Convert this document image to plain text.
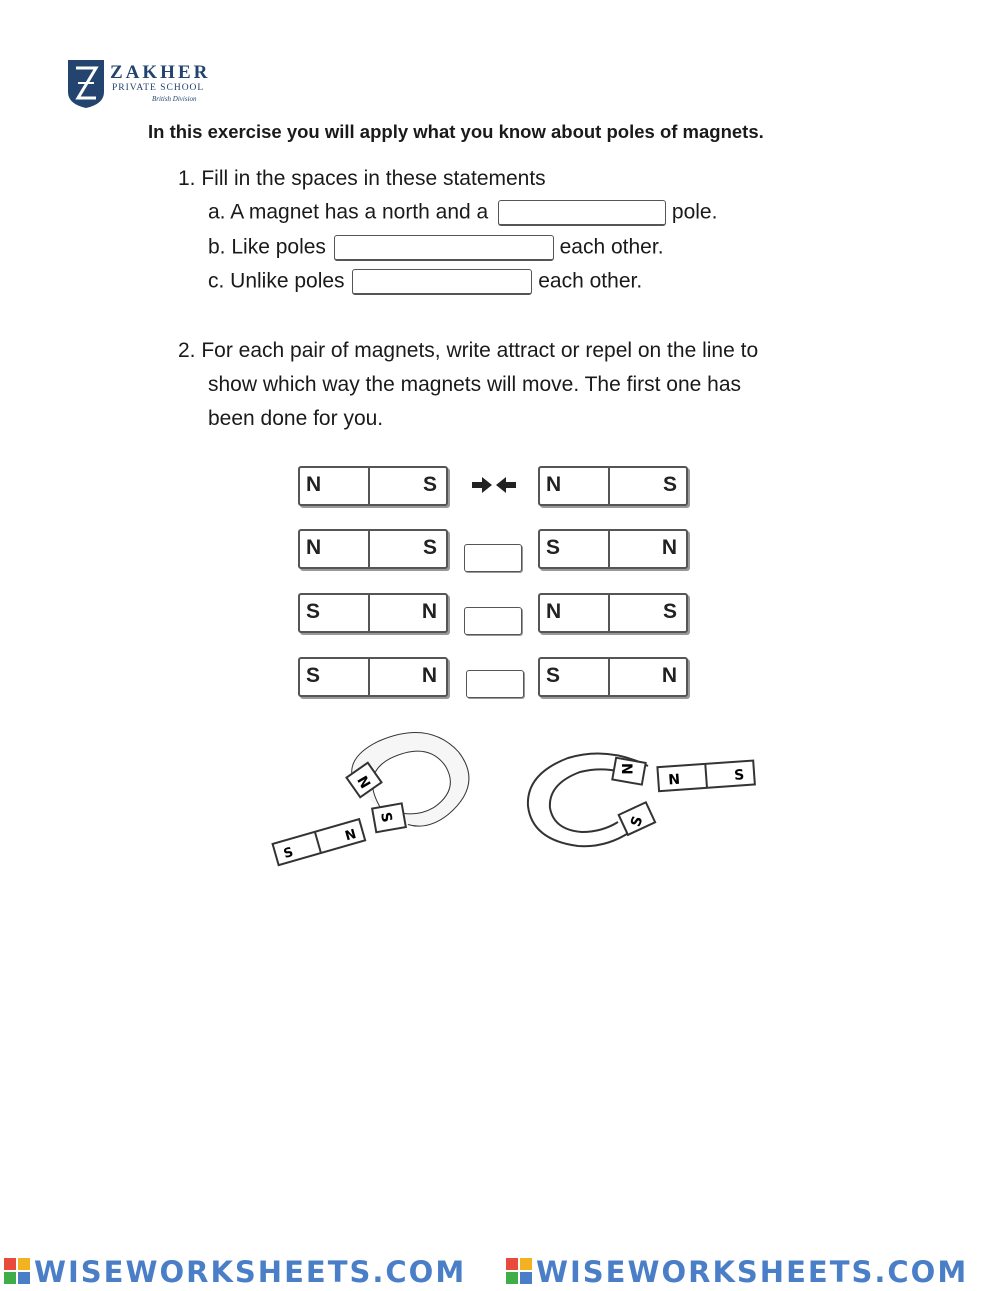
ZAKHER
PRIVATE SCHOOL
British Division
In this exercise you will apply what you know about poles of magnets.
1. Fill in the spaces in these statements
a. A magnet has a north and a	pole.
b. Like poles	each other.
c. Unlike poles	each other.
2. For each pair of magnets, write attract or repel on the line to
show which way the magnets will move. The first one has
been done for you.
N	S	N	S
N	S	S	N
S	N	N	S
S	N	S	N
N
S
S
N
N
S
N	S
WISEWORKSHEETS.COM WISEWORKSHEETS.COM
